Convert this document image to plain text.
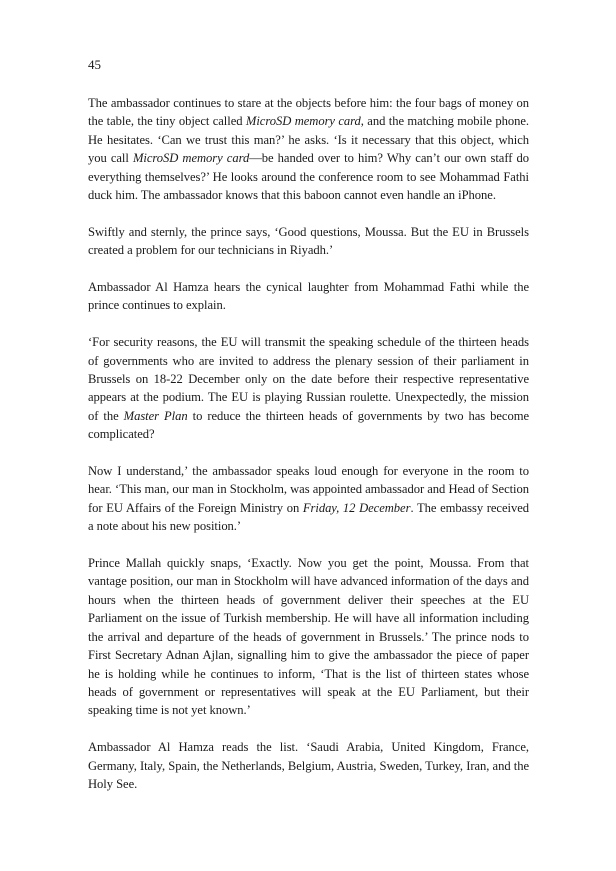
45

The ambassador continues to stare at the objects before him: the four bags of money on the table, the tiny object called MicroSD memory card, and the matching mobile phone. He hesitates. ‘Can we trust this man?’ he asks. ‘Is it necessary that this object, which you call MicroSD memory card—be handed over to him? Why can’t our own staff do everything themselves?’ He looks around the conference room to see Mohammad Fathi duck him. The ambassador knows that this baboon cannot even handle an iPhone.

Swiftly and sternly, the prince says, ‘Good questions, Moussa. But the EU in Brussels created a problem for our technicians in Riyadh.’

Ambassador Al Hamza hears the cynical laughter from Mohammad Fathi while the prince continues to explain.

‘For security reasons, the EU will transmit the speaking schedule of the thirteen heads of governments who are invited to address the plenary session of their parliament in Brussels on 18-22 December only on the date before their respective representative appears at the podium. The EU is playing Russian roulette. Unexpectedly, the mission of the Master Plan to reduce the thirteen heads of governments by two has become complicated?

Now I understand,’ the ambassador speaks loud enough for everyone in the room to hear. ‘This man, our man in Stockholm, was appointed ambassador and Head of Section for EU Affairs of the Foreign Ministry on Friday, 12 December. The embassy received a note about his new position.’

Prince Mallah quickly snaps, ‘Exactly. Now you get the point, Moussa. From that vantage position, our man in Stockholm will have advanced information of the days and hours when the thirteen heads of government deliver their speeches at the EU Parliament on the issue of Turkish membership. He will have all information including the arrival and departure of the heads of government in Brussels.’ The prince nods to First Secretary Adnan Ajlan, signalling him to give the ambassador the piece of paper he is holding while he continues to inform, ‘That is the list of thirteen states whose heads of government or representatives will speak at the EU Parliament, but their speaking time is not yet known.’

Ambassador Al Hamza reads the list. ‘Saudi Arabia, United Kingdom, France, Germany, Italy, Spain, the Netherlands, Belgium, Austria, Sweden, Turkey, Iran, and the Holy See.
